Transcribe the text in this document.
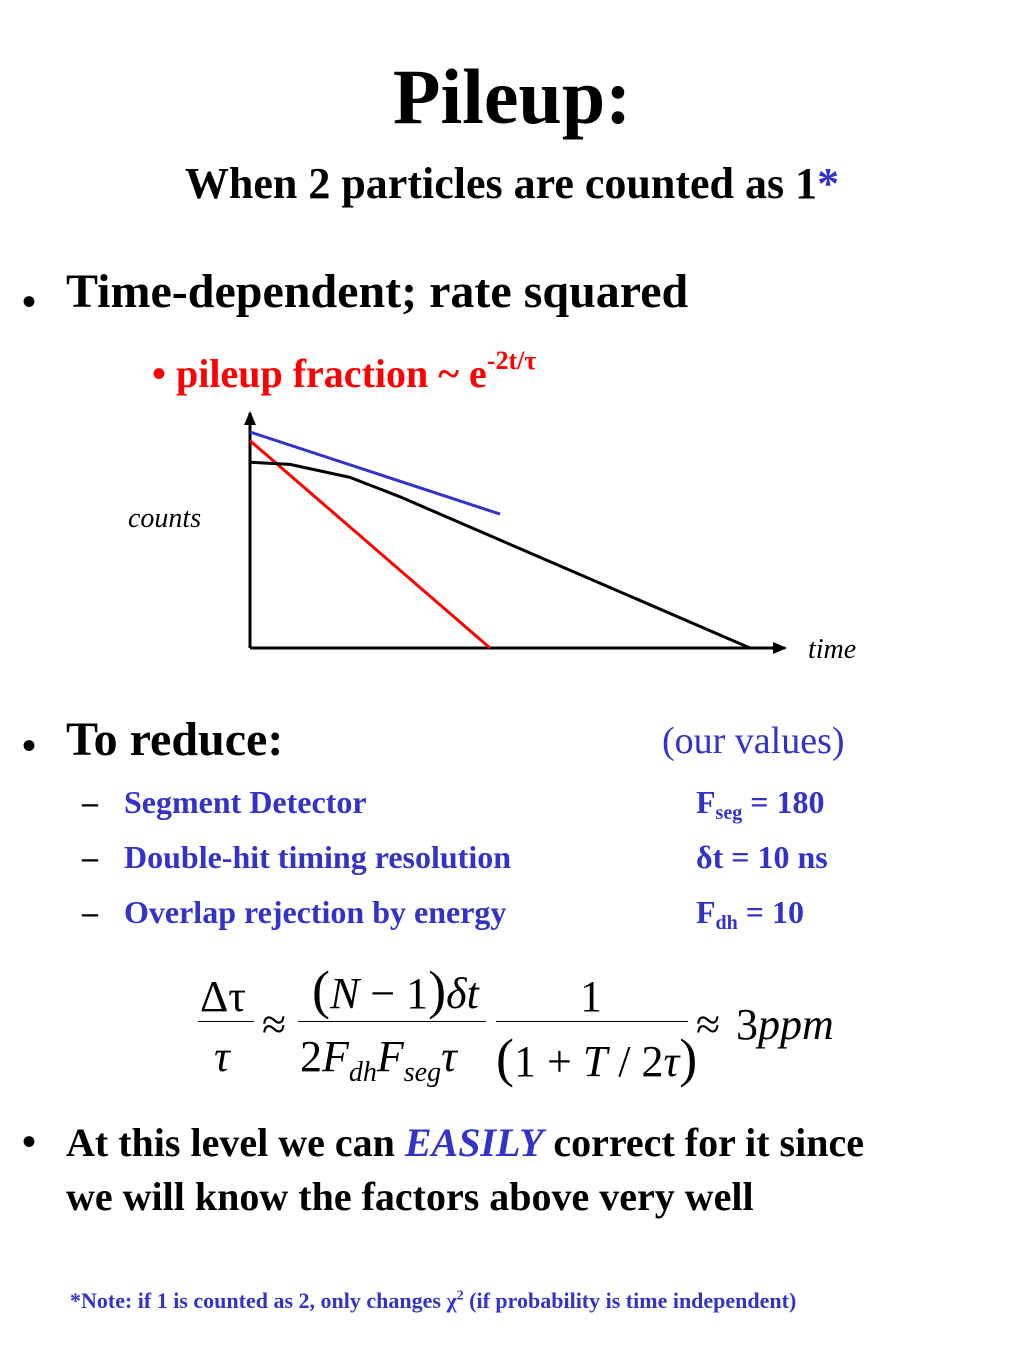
Pileup:
When 2 particles are counted as 1*
• Time-dependent; rate squared
• pileup fraction ~ $e^{-2t/\tau}$
counts
time
• To reduce:	(our values)
– Segment Detector	$F_{seg} = 180$
– Double-hit timing resolution	δt = 10 ns
– Overlap rejection by energy	$F_{dh} = 10$
Δτ
τ
≈
(N − 1)δt
$2F_{dh}F_{seg}\tau$
1
(1 + T / 2τ)
≈ 3ppm
• At this level we can EASILY correct for it since
we will know the factors above very well
*Note: if 1 is counted as 2, only changes $\chi^2$ (if probability is time independent)
